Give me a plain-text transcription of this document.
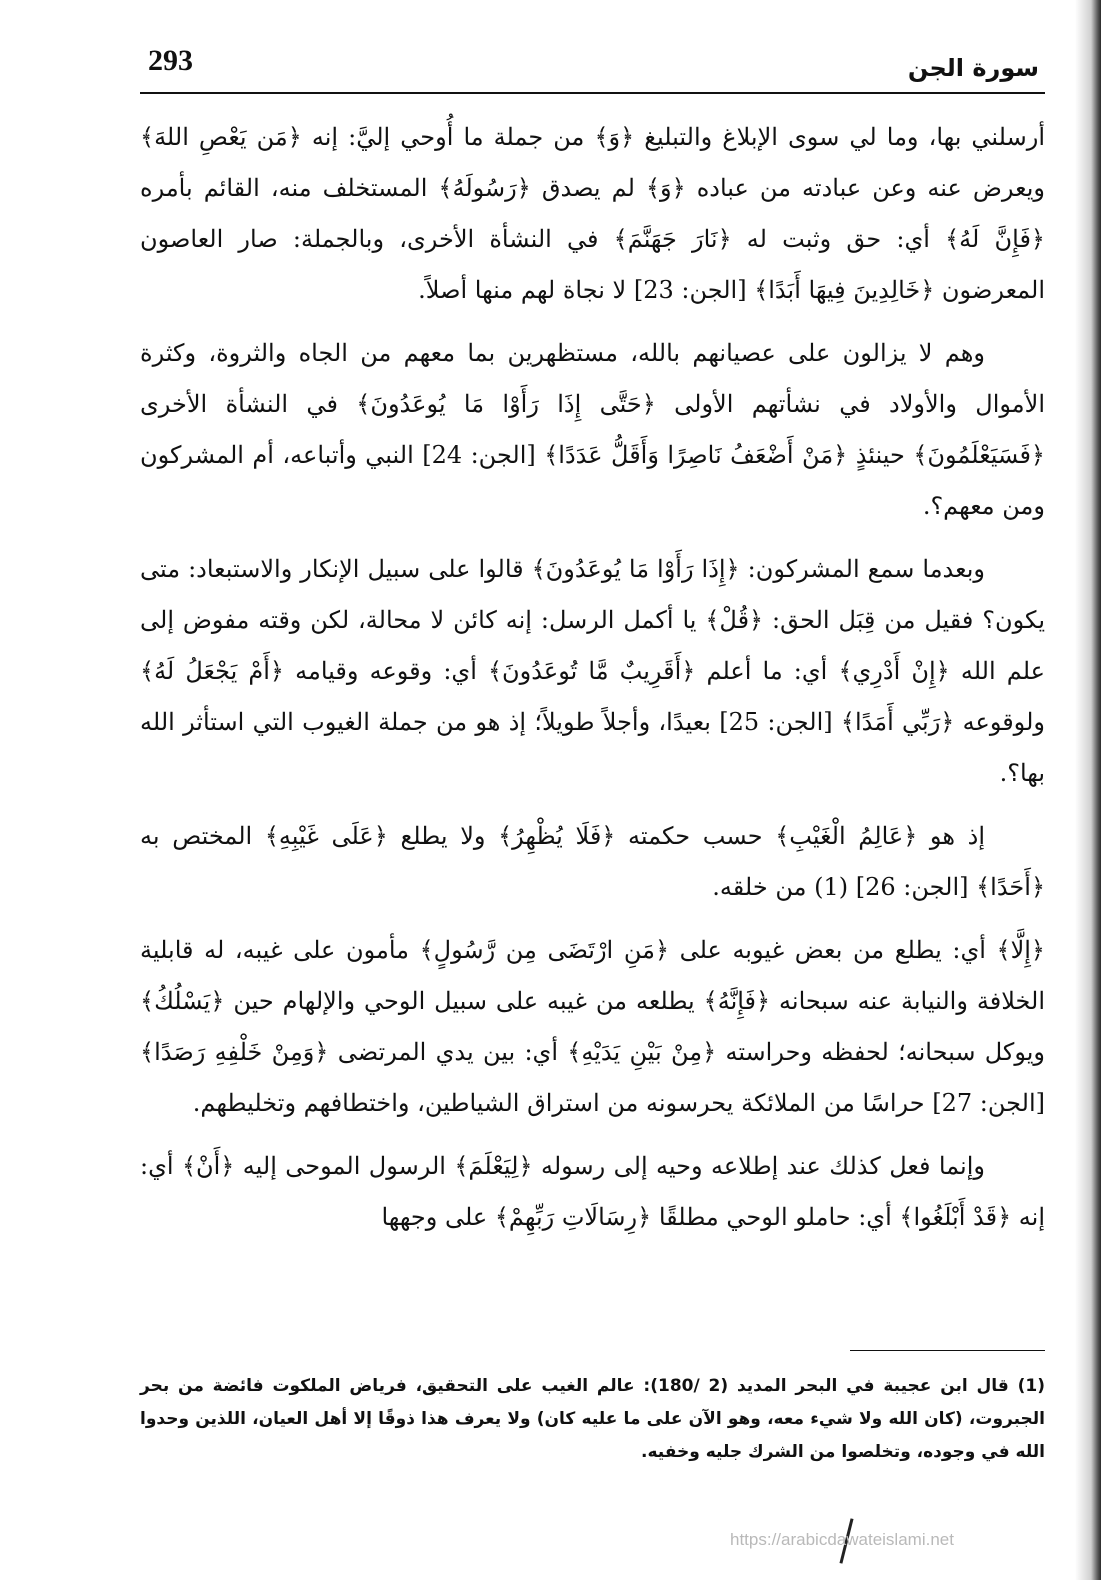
293	سورة الجن

أرسلني بها، وما لي سوى الإبلاغ والتبليغ ﴿وَ﴾ من جملة ما أُوحي إليَّ: إنه ﴿مَن يَعْصِ اللهَ﴾ ويعرض عنه وعن عبادته من عباده ﴿وَ﴾ لم يصدق ﴿رَسُولَهُ﴾ المستخلف منه، القائم بأمره ﴿فَإِنَّ لَهُ﴾ أي: حق وثبت له ﴿نَارَ جَهَنَّمَ﴾ في النشأة الأخرى، وبالجملة: صار العاصون المعرضون ﴿خَالِدِينَ فِيهَا أَبَدًا﴾ [الجن: 23] لا نجاة لهم منها أصلاً.

وهم لا يزالون على عصيانهم بالله، مستظهرين بما معهم من الجاه والثروة، وكثرة الأموال والأولاد في نشأتهم الأولى ﴿حَتَّى إِذَا رَأَوْا مَا يُوعَدُونَ﴾ في النشأة الأخرى ﴿فَسَيَعْلَمُونَ﴾ حينئذٍ ﴿مَنْ أَضْعَفُ نَاصِرًا وَأَقَلُّ عَدَدًا﴾ [الجن: 24] النبي وأتباعه، أم المشركون ومن معهم؟.

وبعدما سمع المشركون: ﴿إِذَا رَأَوْا مَا يُوعَدُونَ﴾ قالوا على سبيل الإنكار والاستبعاد: متى يكون؟ فقيل من قِبَل الحق: ﴿قُلْ﴾ يا أكمل الرسل: إنه كائن لا محالة، لكن وقته مفوض إلى علم الله ﴿إِنْ أَدْرِي﴾ أي: ما أعلم ﴿أَقَرِيبٌ مَّا تُوعَدُونَ﴾ أي: وقوعه وقيامه ﴿أَمْ يَجْعَلُ لَهُ﴾ ولوقوعه ﴿رَبِّي أَمَدًا﴾ [الجن: 25] بعيدًا، وأجلاً طويلاً؛ إذ هو من جملة الغيوب التي استأثر الله بها؟.

إذ هو ﴿عَالِمُ الْغَيْبِ﴾ حسب حكمته ﴿فَلَا يُظْهِرُ﴾ ولا يطلع ﴿عَلَى غَيْبِهِ﴾ المختص به ﴿أَحَدًا﴾ [الجن: 26] (1) من خلقه.

﴿إِلَّا﴾ أي: يطلع من بعض غيوبه على ﴿مَنِ ارْتَضَى مِن رَّسُولٍ﴾ مأمون على غيبه، له قابلية الخلافة والنيابة عنه سبحانه ﴿فَإِنَّهُ﴾ يطلعه من غيبه على سبيل الوحي والإلهام حين ﴿يَسْلُكُ﴾ ويوكل سبحانه؛ لحفظه وحراسته ﴿مِنْ بَيْنِ يَدَيْهِ﴾ أي: بين يدي المرتضى ﴿وَمِنْ خَلْفِهِ رَصَدًا﴾ [الجن: 27] حراسًا من الملائكة يحرسونه من استراق الشياطين، واختطافهم وتخليطهم.

وإنما فعل كذلك عند إطلاعه وحيه إلى رسوله ﴿لِيَعْلَمَ﴾ الرسول الموحى إليه ﴿أَنْ﴾ أي: إنه ﴿قَدْ أَبْلَغُوا﴾ أي: حاملو الوحي مطلقًا ﴿رِسَالَاتِ رَبِّهِمْ﴾ على وجهها

(1) قال ابن عجيبة في البحر المديد (2 /180): عالم الغيب على التحقيق، فرياض الملكوت فائضة من بحر الجبروت، (كان الله ولا شيء معه، وهو الآن على ما عليه كان) ولا يعرف هذا ذوقًا إلا أهل العيان، اللذين وحدوا الله في وجوده، وتخلصوا من الشرك جليه وخفيه.
https://arabicdawateislami.net
